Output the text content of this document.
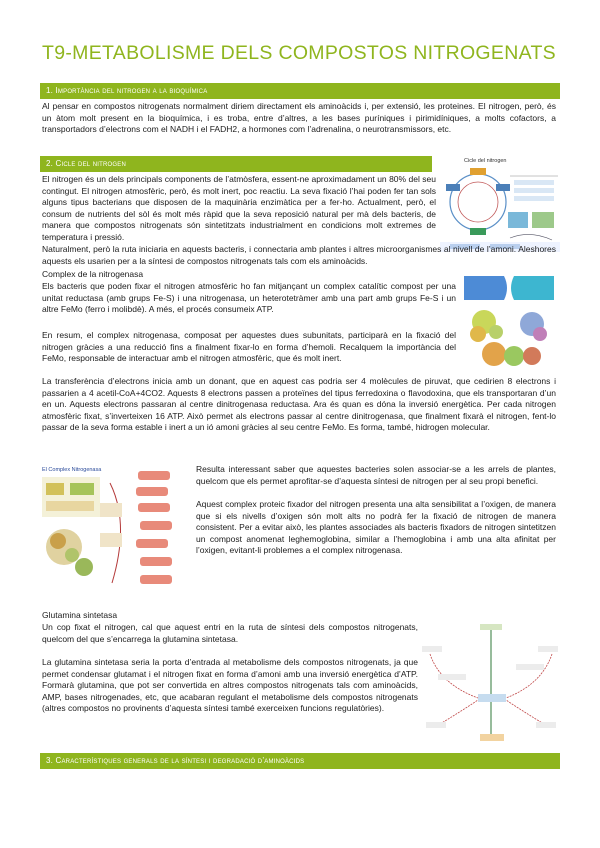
T9-METABOLISME DELS COMPOSTOS NITROGENATS
1. Importància del nitrogen a la bioquímica

Al pensar en compostos nitrogenats normalment diriem directament els aminoàcids i, per extensió, les proteines. El nitrogen, però, és un àtom molt present en la bioquímica, i es troba, entre d’altres, a les bases puríniques i pirimidíniques, a molts cofactors, a transportadors d’electrons com el NADH i el FADH2, a hormones com l’adrenalina, o neurotransmissors, etc.

2. Cicle del nitrogen	Cicle del nitrogen

El nitrogen és un dels principals components de l’atmòsfera, essent-ne aproximadament un 80% del seu contingut. El nitrogen atmosfèric, però, és molt inert, poc reactiu. La seva fixació l’hai poden fer tan sols alguns tipus bacterians que disposen de la maquinària enzimàtica per a fer-ho. Actualment, però, el consum de nutrients del sòl és molt més ràpid que la seva reposició natural per mà dels bacteris, de manera que compostos nitrogenats són sintetitzats industrialment en condicions molt extremes de temperatura i pressió.

Naturalment, però la ruta iniciaria en aquests bacteris, i connectaria amb plantes i altres microorganismes al nivell de l’amoni. Aleshores aquests els usarien per a la síntesi de compostos nitrogenats tals com els aminoàcids.

Complex de la nitrogenasa

Els bacteris que poden fixar el nitrogen atmosfèric ho fan mitjançant un complex catalític compost per una unitat reductasa (amb grups Fe-S) i una nitrogenasa, un heterotetràmer amb una part amb grups Fe-S i un altre FeMo (ferro i molibdè). A més, el procés consumeix ATP.

En resum, el complex nitrogenasa, composat per aquestes dues subunitats, participarà en la fixació del nitrogen gràcies a una reducció fins a finalment fixar-lo en forma d’hemoli. Recalquem la importància del FeMo, responsable de interactuar amb el nitrogen atmosfèric, que és molt inert.

La transferència d’electrons inicia amb un donant, que en aquest cas podria ser 4 molècules de piruvat, que cedirien 8 electrons i passarien a 4 acetil-CoA+4CO2. Aquests 8 electrons passen a proteïnes del tipus ferredoxina o flavodoxina, que els transportaran d’un en un. Aquests electrons passaran al centre dinitrogenasa reductasa. Ara és quan es dóna la inversió energètica. Per cada nitrogen atmosfèric fixat, s’inverteixen 16 ATP. Això permet als electrons passar al centre dinitrogenasa, que finalment fixarà el nitrogen, fent-lo passar de la seva forma estable i inert a un ió amoni gràcies al seu centre FeMo. Es forma, també, hidrogen molecular.

El Complex Nitrogenasa	Resulta interessant saber que aquestes bacteries solen associar-se a les arrels de plantes, quelcom que els permet aprofitar-se d’aquesta síntesi de nitrogen per al seu propi benefici.

Aquest complex proteic fixador del nitrogen presenta una alta sensibilitat a l’oxigen, de manera que si els nivells d’oxigen són molt alts no podrà fer la fixació de nitrogen de manera consistent. Per a evitar això, les plantes associades als bacteris fixadors de nitrogen sintetitzen un compost anomenat leghemoglobina, similar a l’hemoglobina i amb una alta afinitat per l’oxigen, evitant-li problemes a el complex nitrogenasa.

Glutamina sintetasa

Un cop fixat el nitrogen, cal que aquest entri en la ruta de síntesi dels compostos nitrogenats, quelcom del que s’encarrega la glutamina sintetasa.

La glutamina sintetasa seria la porta d’entrada al metabolisme dels compostos nitrogenats, ja que permet condensar glutamat i el nitrogen fixat en forma d’amoni amb una inversió energètica d’ATP. Formarà glutamina, que pot ser convertida en altres compostos nitrogenats tals com aminoàcids, AMP, bases nitrogenades, etc, que acabaran regulant el metabolisme dels compostos nitrogenats (altres compostos no provinents d’aquesta síntesi també exerceixen funcions regulatòries).

3. Característiques generals de la síntesi i degradació d’aminoàcids
